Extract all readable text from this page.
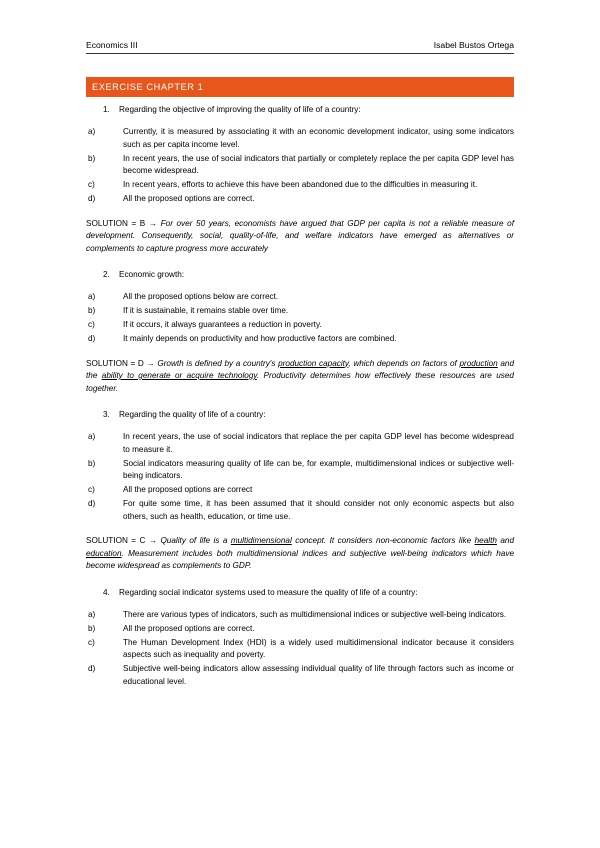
Economics III	Isabel Bustos Ortega
EXERCISE CHAPTER 1
1.	Regarding the objective of improving the quality of life of a country:
a)	Currently, it is measured by associating it with an economic development indicator, using some indicators such as per capita income level.
b)	In recent years, the use of social indicators that partially or completely replace the per capita GDP level has become widespread.
c)	In recent years, efforts to achieve this have been abandoned due to the difficulties in measuring it.
d)	All the proposed options are correct.
SOLUTION = B → For over 50 years, economists have argued that GDP per capita is not a reliable measure of development. Consequently, social, quality-of-life, and welfare indicators have emerged as alternatives or complements to capture progress more accurately
2.	Economic growth:
a)	All the proposed options below are correct.
b)	If it is sustainable, it remains stable over time.
c)	If it occurs, it always guarantees a reduction in poverty.
d)	It mainly depends on productivity and how productive factors are combined.
SOLUTION = D → Growth is defined by a country's production capacity, which depends on factors of production and the ability to generate or acquire technology. Productivity determines how effectively these resources are used together.
3.	Regarding the quality of life of a country:
a)	In recent years, the use of social indicators that replace the per capita GDP level has become widespread to measure it.
b)	Social indicators measuring quality of life can be, for example, multidimensional indices or subjective well-being indicators.
c)	All the proposed options are correct
d)	For quite some time, it has been assumed that it should consider not only economic aspects but also others, such as health, education, or time use.
SOLUTION = C → Quality of life is a multidimensional concept. It considers non-economic factors like health and education. Measurement includes both multidimensional indices and subjective well-being indicators which have become widespread as complements to GDP.
4.	Regarding social indicator systems used to measure the quality of life of a country:
a)	There are various types of indicators, such as multidimensional indices or subjective well-being indicators.
b)	All the proposed options are correct.
c)	The Human Development Index (HDI) is a widely used multidimensional indicator because it considers aspects such as inequality and poverty.
d)	Subjective well-being indicators allow assessing individual quality of life through factors such as income or educational level.
